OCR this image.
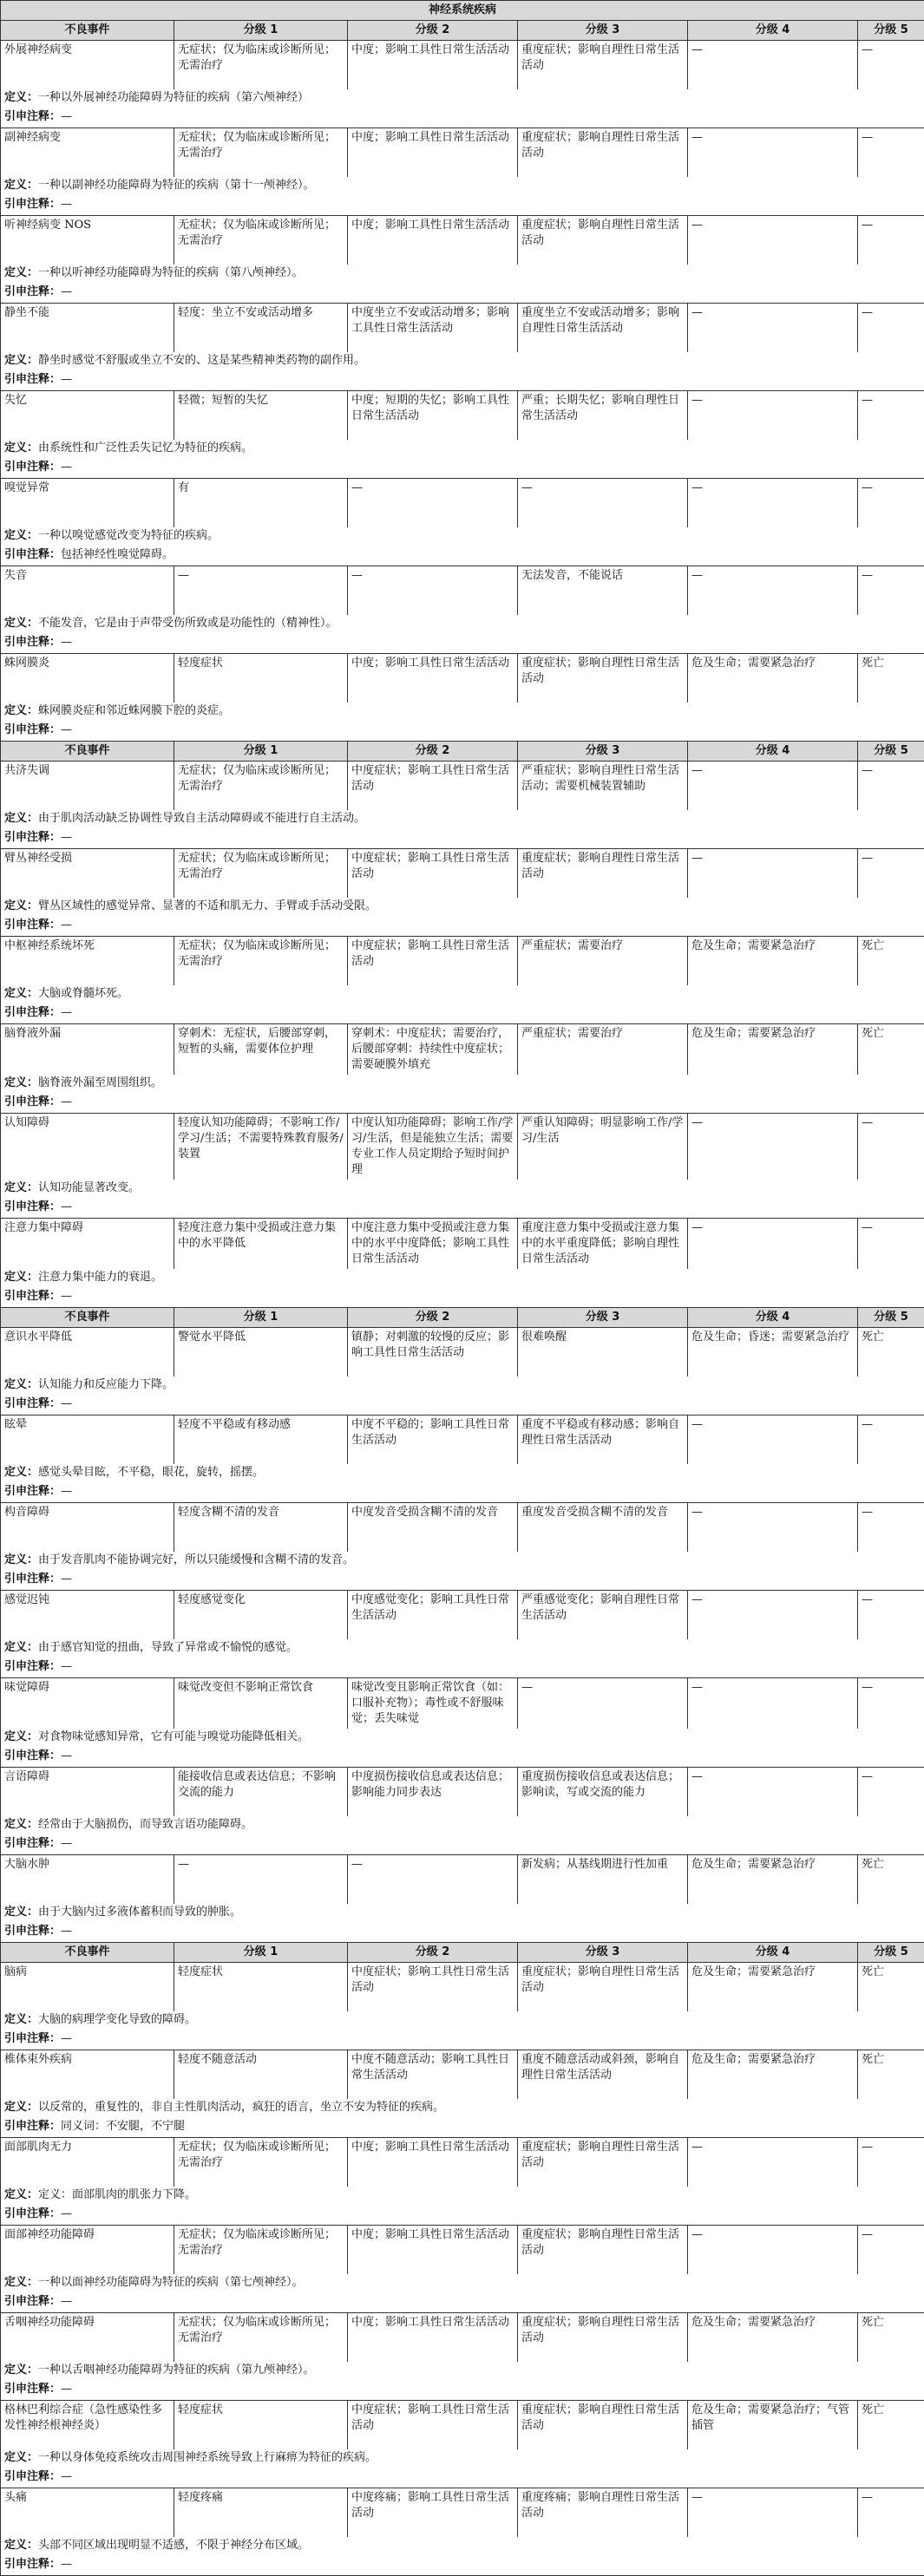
神经系统疾病					
不良事件	分级 1	分级 2	分级 3	分级 4	分级 5
外展神经病变	无症状；仅为临床或诊断所见；无需治疗	中度；影响工具性日常生活活动	重度症状；影响自理性日常生活活动	—	—
定义：一种以外展神经功能障碍为特征的疾病（第六颅神经）					
引申注释：—					
副神经病变	无症状；仅为临床或诊断所见；无需治疗	中度；影响工具性日常生活活动	重度症状；影响自理性日常生活活动	—	—
定义：一种以副神经功能障碍为特征的疾病（第十一颅神经）。					
引申注释：—					
听神经病变 NOS	无症状；仅为临床或诊断所见；无需治疗	中度；影响工具性日常生活活动	重度症状；影响自理性日常生活活动	—	—
定义：一种以听神经功能障碍为特征的疾病（第八颅神经）。					
引申注释：—					
静坐不能	轻度：坐立不安或活动增多	中度坐立不安或活动增多；影响工具性日常生活活动	重度坐立不安或活动增多；影响自理性日常生活活动	—	—
定义：静坐时感觉不舒服或坐立不安的、这是某些精神类药物的副作用。					
引申注释：—					
失忆	轻微；短暂的失忆	中度；短期的失忆；影响工具性日常生活活动	严重；长期失忆；影响自理性日常生活活动	—	—
定义：由系统性和广泛性丢失记忆为特征的疾病。					
引申注释：—					
嗅觉异常	有	—	—	—	—
定义：一种以嗅觉感觉改变为特征的疾病。					
引申注释：包括神经性嗅觉障碍。					
失音	—	—	无法发音，不能说话	—	—
定义：不能发音，它是由于声带受伤所致或是功能性的（精神性）。					
引申注释：—					
蛛网膜炎	轻度症状	中度；影响工具性日常生活活动	重度症状；影响自理性日常生活活动	危及生命；需要紧急治疗	死亡
定义：蛛网膜炎症和邻近蛛网膜下腔的炎症。					
引申注释：—					
不良事件	分级 1	分级 2	分级 3	分级 4	分级 5
共济失调	无症状；仅为临床或诊断所见；无需治疗	中度症状；影响工具性日常生活活动	严重症状；影响自理性日常生活活动；需要机械装置辅助	—	—
定义：由于肌肉活动缺乏协调性导致自主活动障碍或不能进行自主活动。					
引申注释：—					
臂丛神经受损	无症状；仅为临床或诊断所见；无需治疗	中度症状；影响工具性日常生活活动	重度症状；影响自理性日常生活活动	—	—
定义：臂丛区域性的感觉异常、显著的不适和肌无力、手臂或手活动受限。					
引申注释：—					
中枢神经系统坏死	无症状；仅为临床或诊断所见；无需治疗	中度症状；影响工具性日常生活活动	严重症状；需要治疗	危及生命；需要紧急治疗	死亡
定义：大脑或脊髓坏死。					
引申注释：—					
脑脊液外漏	穿刺术：无症状，后腰部穿刺，短暂的头痛，需要体位护理	穿刺术：中度症状；需要治疗，后腰部穿刺：持续性中度症状；需要硬膜外填充	严重症状；需要治疗	危及生命；需要紧急治疗	死亡
定义：脑脊液外漏至周围组织。					
引申注释：—					
认知障碍	轻度认知功能障碍；不影响工作/学习/生活；不需要特殊教育服务/装置	中度认知功能障碍；影响工作/学习/生活，但是能独立生活；需要专业工作人员定期给予短时间护理	严重认知障碍；明显影响工作/学习/生活	—	—
定义：认知功能显著改变。					
引申注释：—					
注意力集中障碍	轻度注意力集中受损或注意力集中的水平降低	中度注意力集中受损或注意力集中的水平中度降低；影响工具性日常生活活动	重度注意力集中受损或注意力集中的水平重度降低；影响自理性日常生活活动	—	—
定义：注意力集中能力的衰退。					
引申注释：—					
不良事件	分级 1	分级 2	分级 3	分级 4	分级 5
意识水平降低	警觉水平降低	镇静；对刺激的较慢的反应；影响工具性日常生活活动	很难唤醒	危及生命；昏迷；需要紧急治疗	死亡
定义：认知能力和反应能力下降。					
引申注释：—					
眩晕	轻度不平稳或有移动感	中度不平稳的；影响工具性日常生活活动	重度不平稳或有移动感；影响自理性日常生活活动	—	—
定义：感觉头晕目眩，不平稳，眼花，旋转，摇摆。					
引申注释：—					
构音障碍	轻度含糊不清的发音	中度发音受损含糊不清的发音	重度发音受损含糊不清的发音	—	—
定义：由于发音肌肉不能协调完好，所以只能缓慢和含糊不清的发音。					
引申注释：—					
感觉迟钝	轻度感觉变化	中度感觉变化；影响工具性日常生活活动	严重感觉变化；影响自理性日常生活活动	—	—
定义：由于感官知觉的扭曲，导致了异常或不愉悦的感觉。					
引申注释：—					
味觉障碍	味觉改变但不影响正常饮食	味觉改变且影响正常饮食（如：口服补充物）；毒性或不舒服味觉；丢失味觉	—	—	—
定义：对食物味觉感知异常，它有可能与嗅觉功能降低相关。					
引申注释：—					
言语障碍	能接收信息或表达信息；不影响交流的能力	中度损伤接收信息或表达信息；影响能力同步表达	重度损伤接收信息或表达信息；影响读，写或交流的能力	—	—
定义：经常由于大脑损伤，而导致言语功能障碍。					
引申注释：—					
大脑水肿	—	—	新发病；从基线期进行性加重	危及生命；需要紧急治疗	死亡
定义：由于大脑内过多液体蓄积而导致的肿胀。					
引申注释：—					
不良事件	分级 1	分级 2	分级 3	分级 4	分级 5
脑病	轻度症状	中度症状；影响工具性日常生活活动	重度症状；影响自理性日常生活活动	危及生命；需要紧急治疗	死亡
定义：大脑的病理学变化导致的障碍。					
引申注释：—					
椎体束外疾病	轻度不随意活动	中度不随意活动；影响工具性日常生活活动	重度不随意活动或斜颈，影响自理性日常生活活动	危及生命；需要紧急治疗	死亡
定义：以反常的，重复性的，非自主性肌肉活动，疯狂的语言，坐立不安为特征的疾病。					
引申注释：同义词：不安腿，不宁腿					
面部肌肉无力	无症状；仅为临床或诊断所见；无需治疗	中度；影响工具性日常生活活动	重度症状；影响自理性日常生活活动	—	—
定义：定义：面部肌肉的肌张力下降。					
引申注释：—					
面部神经功能障碍	无症状；仅为临床或诊断所见；无需治疗	中度；影响工具性日常生活活动	重度症状；影响自理性日常生活活动	—	—
定义：一种以面神经功能障碍为特征的疾病（第七颅神经）。					
引申注释：—					
舌咽神经功能障碍	无症状；仅为临床或诊断所见；无需治疗	中度；影响工具性日常生活活动	重度症状；影响自理性日常生活活动	危及生命；需要紧急治疗	死亡
定义：一种以舌咽神经功能障碍为特征的疾病（第九颅神经）。					
引申注释：—					
格林巴利综合症（急性感染性多发性神经根神经炎）	轻度症状	中度症状；影响工具性日常生活活动	重度症状；影响自理性日常生活活动	危及生命；需要紧急治疗；气管插管	死亡
定义：一种以身体免疫系统攻击周围神经系统导致上行麻痹为特征的疾病。					
引申注释：—					
头痛	轻度疼痛	中度疼痛；影响工具性日常生活活动	重度疼痛；影响自理性日常生活活动	—	—
定义：头部不同区域出现明显不适感，不限于神经分布区域。					
引申注释：—					
